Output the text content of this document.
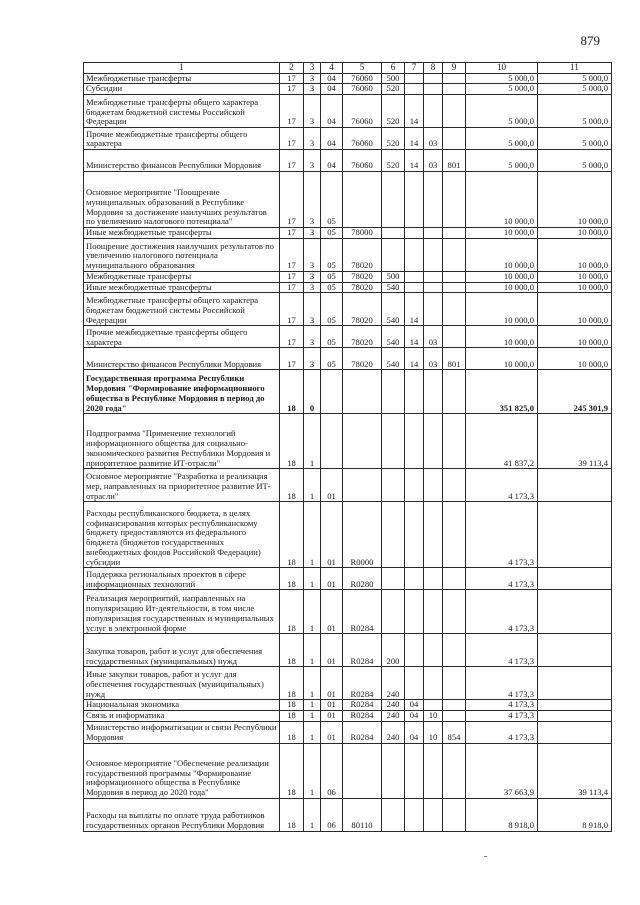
879
1	2	3	4	5	6	7	8	9	10	11
Межбюджетные трансферты	17	3	04	76060	500				5 000,0	5 000,0
Субсидии	17	3	04	76060	520				5 000,0	5 000,0
Межбюджетные трансферты общего характера бюджетам бюджетной системы Российской Федерации	17	3	04	76060	520	14			5 000,0	5 000,0
Прочие межбюджетные трансферты общего характера	17	3	04	76060	520	14	03		5 000,0	5 000,0
Министерство финансов Республики Мордовия	17	3	04	76060	520	14	03	801	5 000,0	5 000,0
Основное мероприятие "Поощрение муниципальных образований в Республике Мордовия за достижение наилучших результатов по увеличению налогового потенциала"	17	3	05						10 000,0	10 000,0
Иные межбюджетные трансферты	17	3	05	78000					10 000,0	10 000,0
Поощрение достижения наилучших результатов по увеличению налогового потенциала муниципального образования	17	3	05	78020					10 000,0	10 000,0
Межбюджетные трансферты	17	3	05	78020	500				10 000,0	10 000,0
Иные межбюджетные трансферты	17	3	05	78020	540				10 000,0	10 000,0
Межбюджетные трансферты общего характера бюджетам бюджетной системы Российской Федерации	17	3	05	78020	540	14			10 000,0	10 000,0
Прочие межбюджетные трансферты общего характера	17	3	05	78020	540	14	03		10 000,0	10 000,0
Министерство финансов Республики Мордовия	17	3	05	78020	540	14	03	801	10 000,0	10 000,0
Государственная программа Республики Мордовия "Формирование информационного общества в Республике Мордовия в период до 2020 года"	18	0							351 825,0	245 301,9
Подпрограмма "Применение технологий информационного общества для социально-экономического развития Республики Мордовия и приоритетное развитие ИТ-отрасли"	18	1							41 837,2	39 113,4
Основное мероприятие "Разработка и реализация мер, направленных на приоритетное развитие ИТ-отрасли"	18	1	01						4 173,3	
Расходы республиканского бюджета, в целях софинансирования которых республиканскому бюджету предоставляются из федерального бюджета (бюджетов государственных внебюджетных фондов Российской Федерации) субсидии	18	1	01	R0000					4 173,3	
Поддержка региональных проектов в сфере информационных технологий	18	1	01	R0280					4 173,3	
Реализация мероприятий, направленных на популяризацию Ит-деятельности, в том числе популяризация государственных и муниципальных услуг в электронной форме	18	1	01	R0284					4 173,3	
Закупка товаров, работ и услуг для обеспечения государственных (муниципальных) нужд	18	1	01	R0284	200				4 173,3	
Иные закупки товаров, работ и услуг для обеспечения государственных (муниципальных) нужд	18	1	01	R0284	240				4 173,3	
Национальная экономика	18	1	01	R0284	240	04			4 173,3	
Связь и информатика	18	1	01	R0284	240	04	10		4 173,3	
Министерство информатизации и связи Республики Мордовия	18	1	01	R0284	240	04	10	854	4 173,3	
Основное мероприятие "Обеспечение реализации государственной программы "Формирование информационного общества в Республике Мордовия в период до 2020 года"	18	1	06						37 663,9	39 113,4
Расходы на выплаты по оплате труда работников государственных органов Республики Мордовия	18	1	06	80110					8 918,0	8 918,0
